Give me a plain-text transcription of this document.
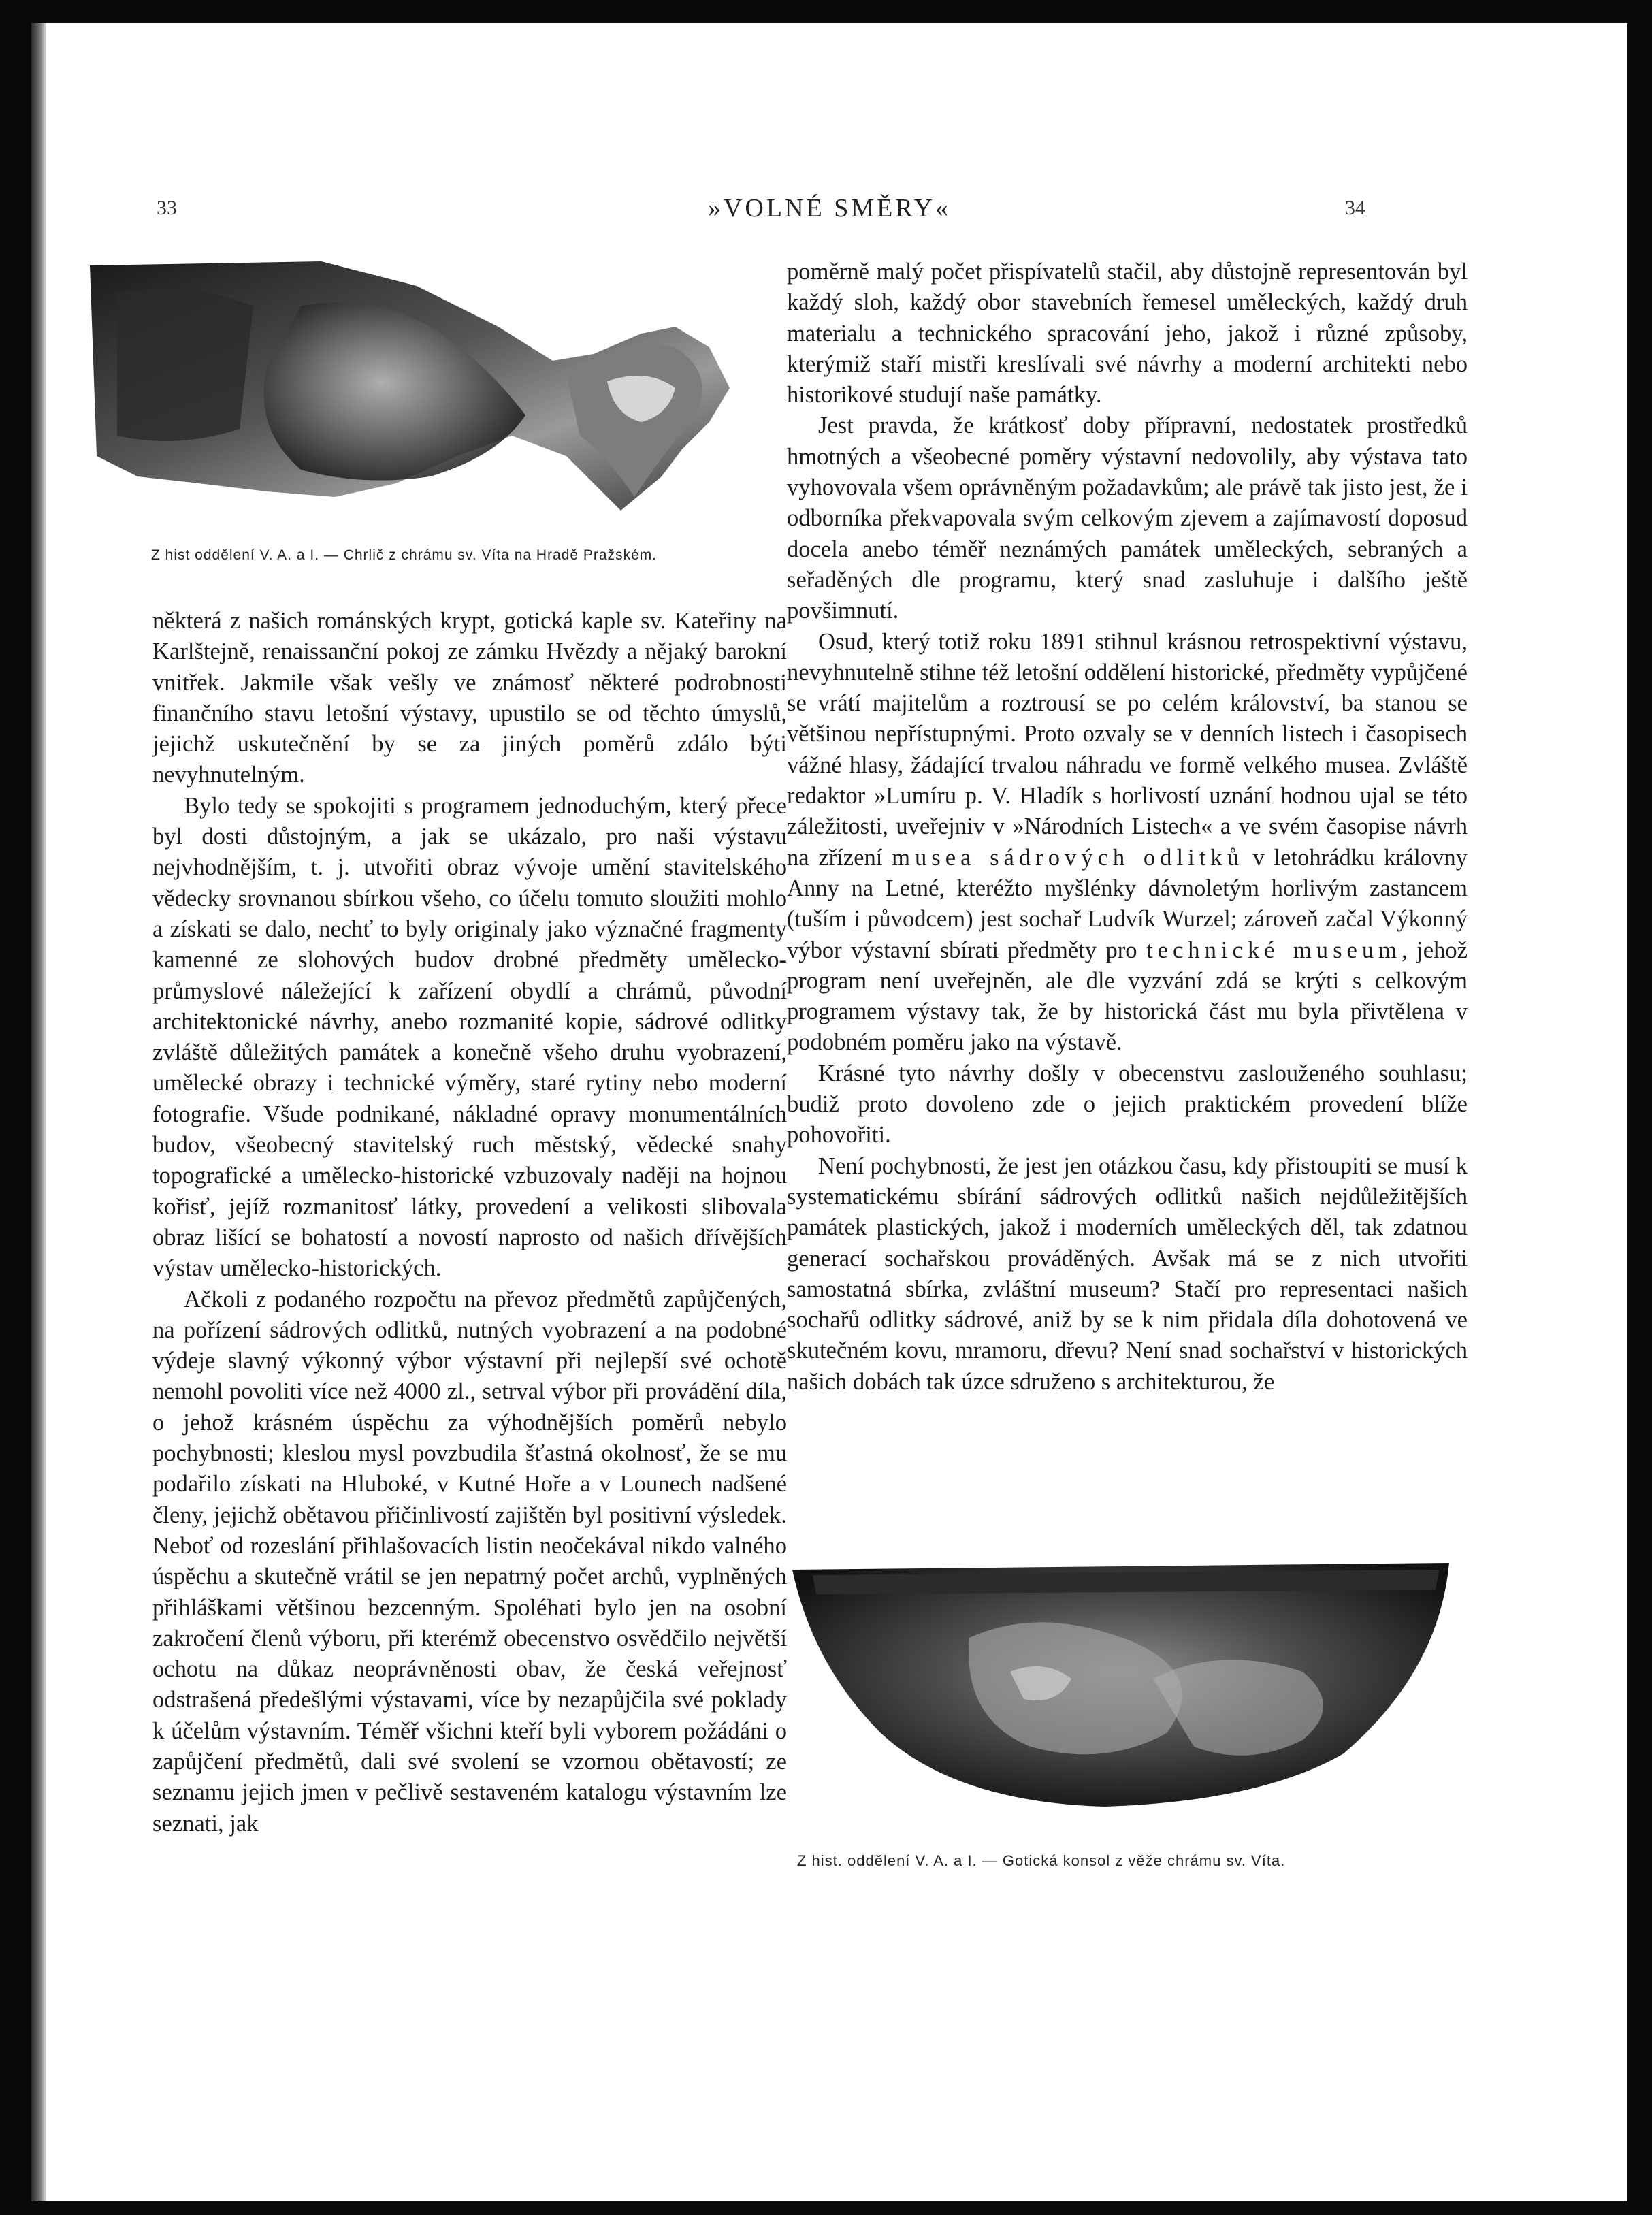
33	»VOLNÉ SMĚRY«	34
Z hist oddělení V. A. a I. — Chrlič z chrámu sv. Víta na Hradě Pražském.

některá z našich románských krypt, gotická kaple sv. Kateřiny na Karlštejně, renaissanční pokoj ze zámku Hvězdy a nějaký barokní vnitřek. Jakmile však vešly ve známosť některé podrobnosti finančního stavu letošní výstavy, upustilo se od těchto úmyslů, jejichž uskutečnění by se za jiných poměrů zdálo býti nevyhnutelným.

Bylo tedy se spokojiti s programem jednoduchým, který přece byl dosti důstojným, a jak se ukázalo, pro naši výstavu nejvhodnějším, t. j. utvořiti obraz vývoje umění stavitelského vědecky srovnanou sbírkou všeho, co účelu tomuto sloužiti mohlo a získati se dalo, nechť to byly originaly jako význačné fragmenty kamenné ze slohových budov drobné předměty umělecko-průmyslové náležející k zařízení obydlí a chrámů, původní architektonické návrhy, anebo rozmanité kopie, sádrové odlitky zvláště důležitých památek a konečně všeho druhu vyobrazení, umělecké obrazy i technické výměry, staré rytiny nebo moderní fotografie. Všude podnikané, nákladné opravy monumentálních budov, všeobecný stavitelský ruch městský, vědecké snahy topografické a umělecko-historické vzbuzovaly naději na hojnou kořisť, jejíž rozmanitosť látky, provedení a velikosti slibovala obraz lišící se bohatostí a novostí naprosto od našich dřívějších výstav umělecko-historických.

Ačkoli z podaného rozpočtu na převoz předmětů zapůjčených, na pořízení sádrových odlitků, nutných vyobrazení a na podobné výdeje slavný výkonný výbor výstavní při nejlepší své ochotě nemohl povoliti více než 4000 zl., setrval výbor při provádění díla, o jehož krásném úspěchu za výhodnějších poměrů nebylo pochybnosti; kleslou mysl povzbudila šťastná okolnosť, že se mu podařilo získati na Hluboké, v Kutné Hoře a v Lounech nadšené členy, jejichž obětavou přičinlivostí zajištěn byl positivní výsledek. Neboť od rozeslání přihlašovacích listin neočekával nikdo valného úspěchu a skutečně vrátil se jen nepatrný počet archů, vyplněných přihláškami většinou bezcenným. Spoléhati bylo jen na osobní zakročení členů výboru, při kterémž obecenstvo osvědčilo největší ochotu na důkaz neoprávněnosti obav, že česká veřejnosť odstrašená předešlými výstavami, více by nezapůjčila své poklady k účelům výstavním. Téměř všichni kteří byli vyborem požádáni o zapůjčení předmětů, dali své svolení se vzornou obětavostí; ze seznamu jejich jmen v pečlivě sestaveném katalogu výstavním lze seznati, jak

poměrně malý počet přispívatelů stačil, aby důstojně representován byl každý sloh, každý obor stavebních řemesel uměleckých, každý druh materialu a technického spracování jeho, jakož i různé způsoby, kterýmiž staří mistři kreslívali své návrhy a moderní architekti nebo historikové studují naše památky.

Jest pravda, že krátkosť doby přípravní, nedostatek prostředků hmotných a všeobecné poměry výstavní nedovolily, aby výstava tato vyhovovala všem oprávněným požadavkům; ale právě tak jisto jest, že i odborníka překvapovala svým celkovým zjevem a zajímavostí doposud docela anebo téměř neznámých památek uměleckých, sebraných a seřaděných dle programu, který snad zasluhuje i dalšího ještě povšimnutí.

Osud, který totiž roku 1891 stihnul krásnou retrospektivní výstavu, nevyhnutelně stihne též letošní oddělení historické, předměty vypůjčené se vrátí majitelům a roztrousí se po celém království, ba stanou se většinou nepřístupnými. Proto ozvaly se v denních listech i časopisech vážné hlasy, žádající trvalou náhradu ve formě velkého musea. Zvláště redaktor »Lumíru p. V. Hladík s horlivostí uznání hodnou ujal se této záležitosti, uveřejniv v »Národních Listech« a ve svém časopise návrh na zřízení musea sádrových odlitků v letohrádku královny Anny na Letné, kteréžto myšlénky dávnoletým horlivým zastancem (tuším i původcem) jest sochař Ludvík Wurzel; zároveň začal Výkonný výbor výstavní sbírati předměty pro technické museum, jehož program není uveřejněn, ale dle vyzvání zdá se krýti s celkovým programem výstavy tak, že by historická část mu byla přivtělena v podobném poměru jako na výstavě.

Krásné tyto návrhy došly v obecenstvu zaslouženého souhlasu; budiž proto dovoleno zde o jejich praktickém provedení blíže pohovořiti.

Není pochybnosti, že jest jen otázkou času, kdy přistoupiti se musí k systematickému sbírání sádrových odlitků našich nejdůležitějších památek plastických, jakož i moderních uměleckých děl, tak zdatnou generací sochařskou prováděných. Avšak má se z nich utvořiti samostatná sbírka, zvláštní museum? Stačí pro representaci našich sochařů odlitky sádrové, aniž by se k nim přidala díla dohotovená ve skutečném kovu, mramoru, dřevu? Není snad sochařství v historických našich dobách tak úzce sdruženo s architekturou, že

Z hist. oddělení V. A. a I. — Gotická konsol z věže chrámu sv. Víta.
